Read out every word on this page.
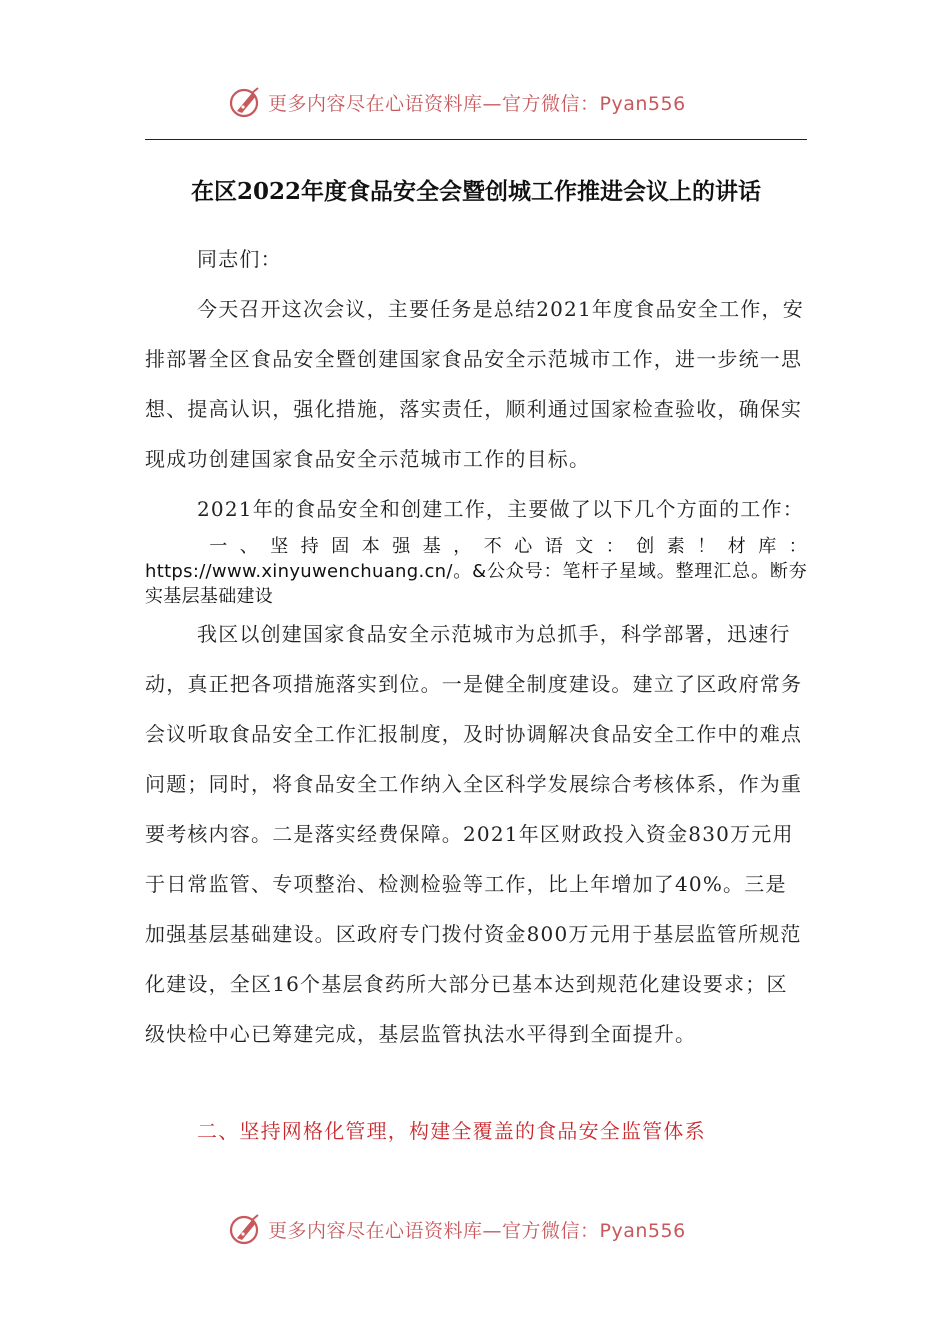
更多内容尽在心语资料库—官方微信：Pyan556
在区2022年度食品安全会暨创城工作推进会议上的讲话
同志们：
今天召开这次会议，主要任务是总结2021年度食品安全工作，安排部署全区食品安全暨创建国家食品安全示范城市工作，进一步统一思想、提高认识，强化措施，落实责任，顺利通过国家检查验收，确保实现成功创建国家食品安全示范城市工作的目标。
2021年的食品安全和创建工作，主要做了以下几个方面的工作：
一、坚持固本强基，不心语文：创素！材库：https://www.xinyuwenchuang.cn/。&公众号：笔杆子星域。整理汇总。断夯实基层基础建设
我区以创建国家食品安全示范城市为总抓手，科学部署，迅速行动，真正把各项措施落实到位。一是健全制度建设。建立了区政府常务会议听取食品安全工作汇报制度，及时协调解决食品安全工作中的难点问题；同时，将食品安全工作纳入全区科学发展综合考核体系，作为重要考核内容。二是落实经费保障。2021年区财政投入资金830万元用于日常监管、专项整治、检测检验等工作，比上年增加了40%。三是加强基层基础建设。区政府专门拨付资金800万元用于基层监管所规范化建设，全区16个基层食药所大部分已基本达到规范化建设要求；区级快检中心已筹建完成，基层监管执法水平得到全面提升。
二、坚持网格化管理，构建全覆盖的食品安全监管体系
更多内容尽在心语资料库—官方微信：Pyan556
